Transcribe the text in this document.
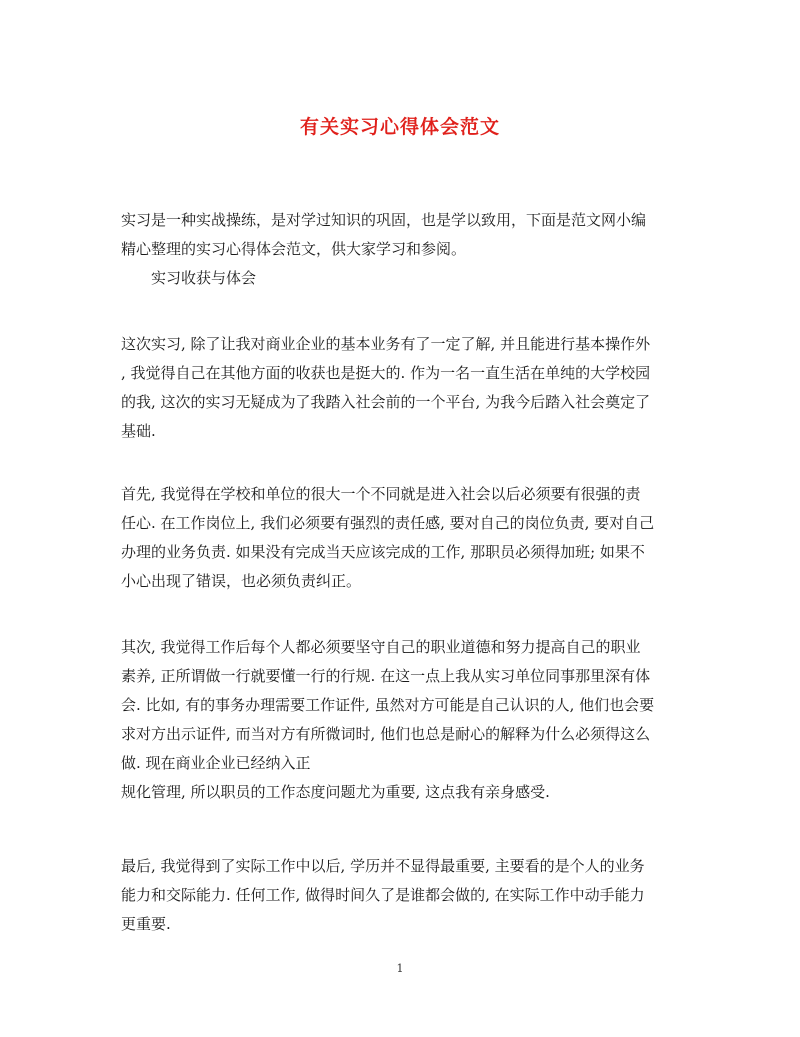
有关实习心得体会范文
实习是一种实战操练，是对学过知识的巩固，也是学以致用，下面是范文网小编
精心整理的实习心得体会范文，供大家学习和参阅。
实习收获与体会
这次实习, 除了让我对商业企业的基本业务有了一定了解, 并且能进行基本操作外
, 我觉得自己在其他方面的收获也是挺大的. 作为一名一直生活在单纯的大学校园
的我, 这次的实习无疑成为了我踏入社会前的一个平台, 为我今后踏入社会奠定了
基础.
首先, 我觉得在学校和单位的很大一个不同就是进入社会以后必须要有很强的责
任心. 在工作岗位上, 我们必须要有强烈的责任感, 要对自己的岗位负责, 要对自己
办理的业务负责. 如果没有完成当天应该完成的工作, 那职员必须得加班; 如果不
小心出现了错误，也必须负责纠正。
其次, 我觉得工作后每个人都必须要坚守自己的职业道德和努力提高自己的职业
素养, 正所谓做一行就要懂一行的行规. 在这一点上我从实习单位同事那里深有体
会. 比如, 有的事务办理需要工作证件, 虽然对方可能是自己认识的人, 他们也会要
求对方出示证件, 而当对方有所微词时, 他们也总是耐心的解释为什么必须得这么
做. 现在商业企业已经纳入正
规化管理, 所以职员的工作态度问题尤为重要, 这点我有亲身感受.
最后, 我觉得到了实际工作中以后, 学历并不显得最重要, 主要看的是个人的业务
能力和交际能力. 任何工作, 做得时间久了是谁都会做的, 在实际工作中动手能力
更重要.
1
